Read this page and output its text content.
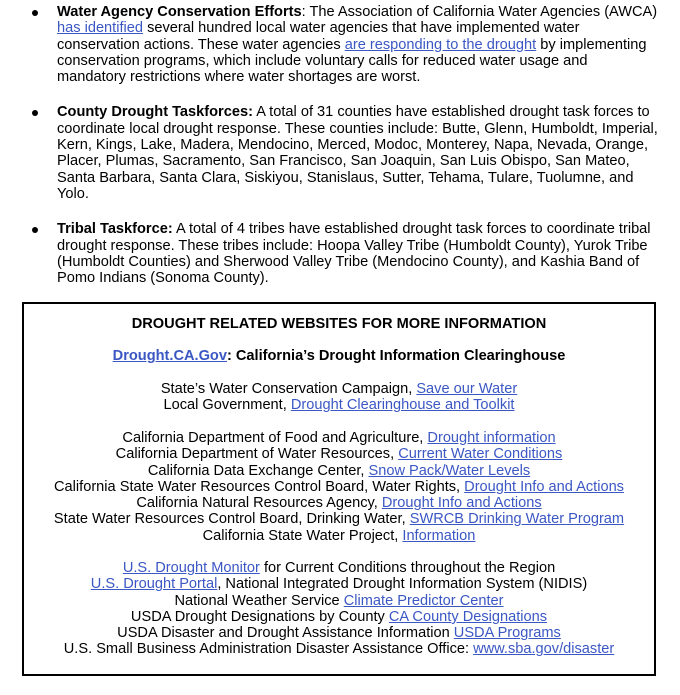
Water Agency Conservation Efforts: The Association of California Water Agencies (AWCA) has identified several hundred local water agencies that have implemented water conservation actions. These water agencies are responding to the drought by implementing conservation programs, which include voluntary calls for reduced water usage and mandatory restrictions where water shortages are worst.
County Drought Taskforces: A total of 31 counties have established drought task forces to coordinate local drought response. These counties include: Butte, Glenn, Humboldt, Imperial, Kern, Kings, Lake, Madera, Mendocino, Merced, Modoc, Monterey, Napa, Nevada, Orange, Placer, Plumas, Sacramento, San Francisco, San Joaquin, San Luis Obispo, San Mateo, Santa Barbara, Santa Clara, Siskiyou, Stanislaus, Sutter, Tehama, Tulare, Tuolumne, and Yolo.
Tribal Taskforce: A total of 4 tribes have established drought task forces to coordinate tribal drought response. These tribes include: Hoopa Valley Tribe (Humboldt County), Yurok Tribe (Humboldt Counties) and Sherwood Valley Tribe (Mendocino County), and Kashia Band of Pomo Indians (Sonoma County).
DROUGHT RELATED WEBSITES FOR MORE INFORMATION
Drought.CA.Gov: California’s Drought Information Clearinghouse
State’s Water Conservation Campaign, Save our Water
Local Government, Drought Clearinghouse and Toolkit
California Department of Food and Agriculture, Drought information
California Department of Water Resources, Current Water Conditions
California Data Exchange Center, Snow Pack/Water Levels
California State Water Resources Control Board, Water Rights, Drought Info and Actions
California Natural Resources Agency, Drought Info and Actions
State Water Resources Control Board, Drinking Water, SWRCB Drinking Water Program
California State Water Project, Information
U.S. Drought Monitor for Current Conditions throughout the Region
U.S. Drought Portal, National Integrated Drought Information System (NIDIS)
National Weather Service Climate Predictor Center
USDA Drought Designations by County CA County Designations
USDA Disaster and Drought Assistance Information USDA Programs
U.S. Small Business Administration Disaster Assistance Office: www.sba.gov/disaster
